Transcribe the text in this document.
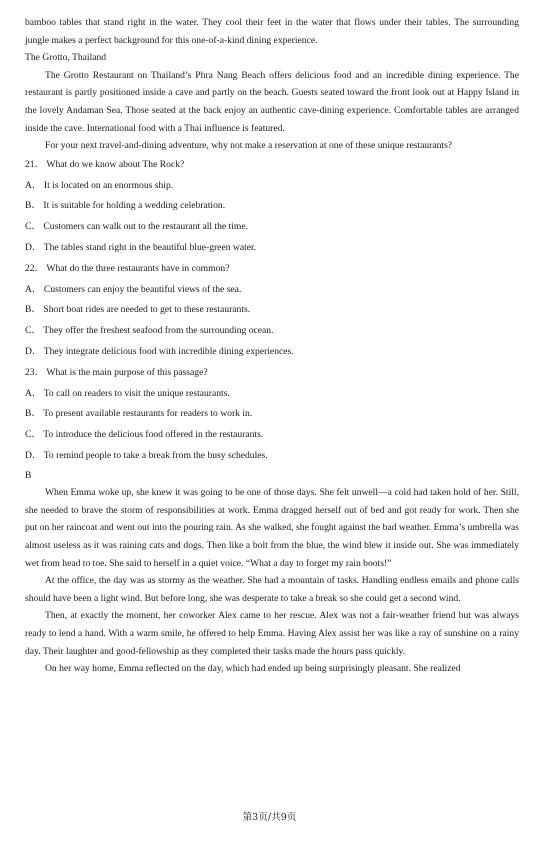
bamboo tables that stand right in the water. They cool their feet in the water that flows under their tables. The surrounding jungle makes a perfect background for this one-of-a-kind dining experience.

The Grotto, Thailand

The Grotto Restaurant on Thailand’s Phra Nang Beach offers delicious food and an incredible dining experience. The restaurant is partly positioned inside a cave and partly on the beach. Guests seated toward the front look out at Happy Island in the lovely Andaman Sea. Those seated at the back enjoy an authentic cave-dining experience. Comfortable tables are arranged inside the cave. International food with a Thai influence is featured.

For your next travel-and-dining adventure, why not make a reservation at one of these unique restaurants?

21． What do we know about The Rock?
A． It is located on an enormous ship.
B． It is suitable for holding a wedding celebration.
C． Customers can walk out to the restaurant all the time.
D． The tables stand right in the beautiful blue-green water.
22． What do the three restaurants have in common?
A． Customers can enjoy the beautiful views of the sea.
B． Short boat rides are needed to get to these restaurants.
C． They offer the freshest seafood from the surrounding ocean.
D． They integrate delicious food with incredible dining experiences.
23． What is the main purpose of this passage?
A． To call on readers to visit the unique restaurants.
B． To present available restaurants for readers to work in.
C． To introduce the delicious food offered in the restaurants.
D． To remind people to take a break from the busy schedules.

B

When Emma woke up, she knew it was going to be one of those days. She felt unwell—a cold had taken hold of her. Still, she needed to brave the storm of responsibilities at work. Emma dragged herself out of bed and got ready for work. Then she put on her raincoat and went out into the pouring rain. As she walked, she fought against the bad weather. Emma’s umbrella was almost useless as it was raining cats and dogs. Then like a bolt from the blue, the wind blew it inside out. She was immediately wet from head to toe. She said to herself in a quiet voice. “What a day to forget my rain boots!”

At the office, the day was as stormy as the weather. She had a mountain of tasks. Handling endless emails and phone calls should have been a light wind. But before long, she was desperate to take a break so she could get a second wind.

Then, at exactly the moment, her coworker Alex came to her rescue. Alex was not a fair-weather friend but was always ready to lend a hand. With a warm smile, he offered to help Emma. Having Alex assist her was like a ray of sunshine on a rainy day. Their laughter and good-fellowship as they completed their tasks made the hours pass quickly.

On her way home, Emma reflected on the day, which had ended up being surprisingly pleasant. She realized

第3页/共9页
